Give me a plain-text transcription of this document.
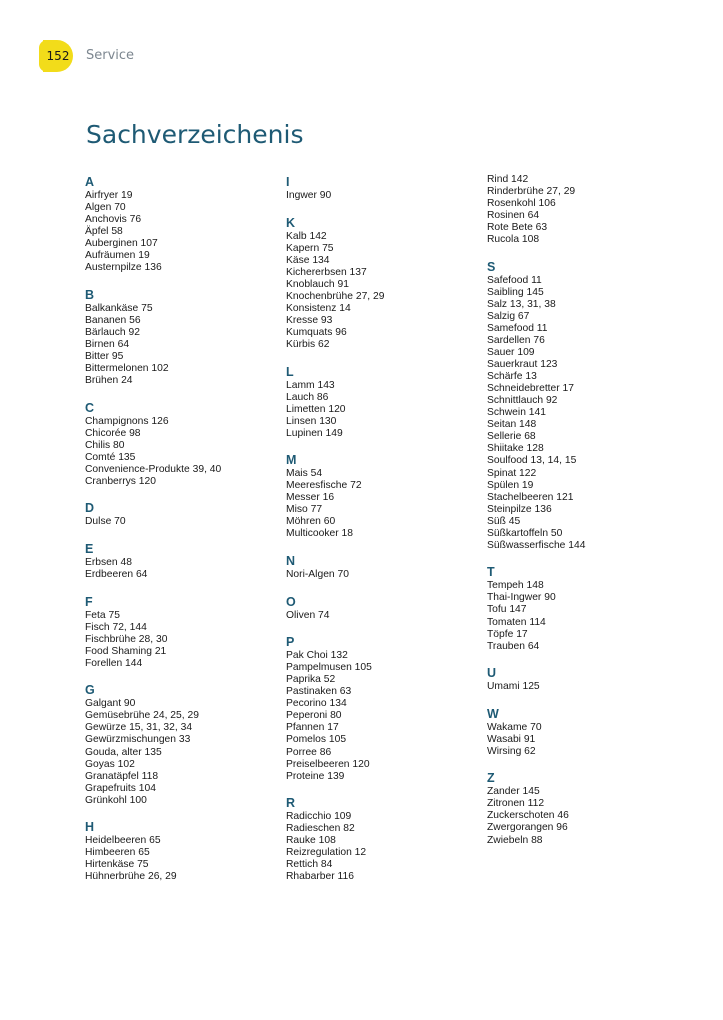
152 Service
Sachverzeichenis
A
Airfryer 19
Algen 70
Anchovis 76
Äpfel 58
Auberginen 107
Aufräumen 19
Austernpilze 136
B
Balkankäse 75
Bananen 56
Bärlauch 92
Birnen 64
Bitter 95
Bittermelonen 102
Brühen 24
C
Champignons 126
Chicorée 98
Chilis 80
Comté 135
Convenience-Produkte 39, 40
Cranberrys 120
D
Dulse 70
E
Erbsen 48
Erdbeeren 64
F
Feta 75
Fisch 72, 144
Fischbrühe 28, 30
Food Shaming 21
Forellen 144
G
Galgant 90
Gemüsebrühe 24, 25, 29
Gewürze 15, 31, 32, 34
Gewürzmischungen 33
Gouda, alter 135
Goyas 102
Granatäpfel 118
Grapefruits 104
Grünkohl 100
H
Heidelbeeren 65
Himbeeren 65
Hirtenkäse 75
Hühnerbrühe 26, 29
I
Ingwer 90
K
Kalb 142
Kapern 75
Käse 134
Kichererbsen 137
Knoblauch 91
Knochenbrühe 27, 29
Konsistenz 14
Kresse 93
Kumquats 96
Kürbis 62
L
Lamm 143
Lauch 86
Limetten 120
Linsen 130
Lupinen 149
M
Mais 54
Meeresfische 72
Messer 16
Miso 77
Möhren 60
Multicooker 18
N
Nori-Algen 70
O
Oliven 74
P
Pak Choi 132
Pampelmusen 105
Paprika 52
Pastinaken 63
Pecorino 134
Peperoni 80
Pfannen 17
Pomelos 105
Porree 86
Preiselbeeren 120
Proteine 139
R
Radicchio 109
Radieschen 82
Rauke 108
Reizregulation 12
Rettich 84
Rhabarber 116
Rind 142
Rinderbrühe 27, 29
Rosenkohl 106
Rosinen 64
Rote Bete 63
Rucola 108
S
Safefood 11
Saibling 145
Salz 13, 31, 38
Salzig 67
Samefood 11
Sardellen 76
Sauer 109
Sauerkraut 123
Schärfe 13
Schneidebretter 17
Schnittlauch 92
Schwein 141
Seitan 148
Sellerie 68
Shiitake 128
Soulfood 13, 14, 15
Spinat 122
Spülen 19
Stachelbeeren 121
Steinpilze 136
Süß 45
Süßkartoffeln 50
Süßwasserfische 144
T
Tempeh 148
Thai-Ingwer 90
Tofu 147
Tomaten 114
Töpfe 17
Trauben 64
U
Umami 125
W
Wakame 70
Wasabi 91
Wirsing 62
Z
Zander 145
Zitronen 112
Zuckerschoten 46
Zwergorangen 96
Zwiebeln 88
